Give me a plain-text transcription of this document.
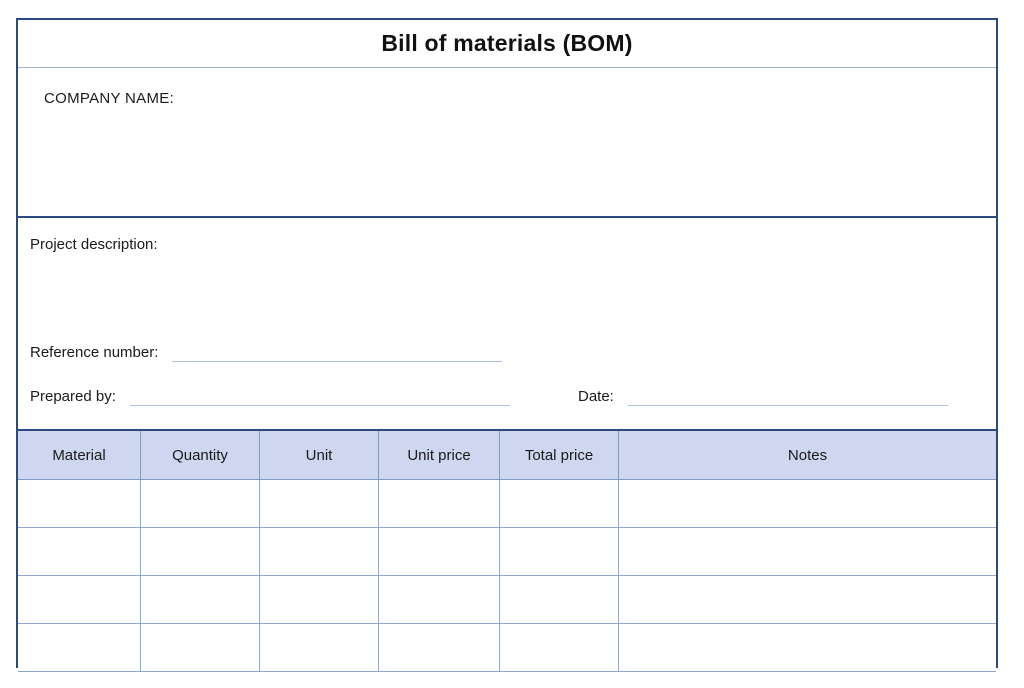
Bill of materials (BOM)
COMPANY NAME:
Project description:
Reference number:
Prepared by:	Date:
Material	Quantity	Unit	Unit price	Total price	Notes
